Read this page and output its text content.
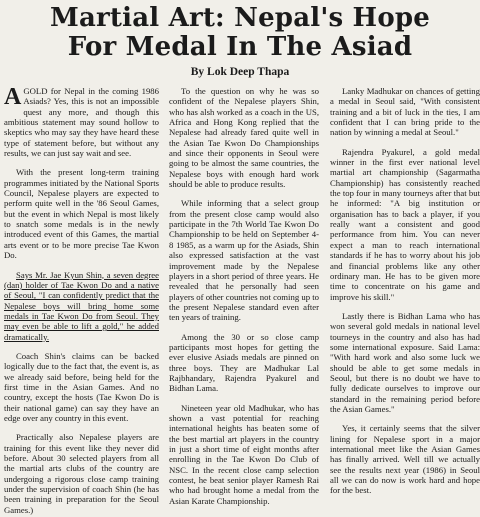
Martial Art: Nepal's Hope
For Medal In The Asiad
By Lok Deep Thapa

AGOLD for Nepal in the coming 1986 Asiads? Yes, this is not an impossible quest any more, and though this ambitious statement may sound hollow to skeptics who may say they have heard these type of statement before, but without any results, we can just say wait and see.

With the present long-term training programmes initiated by the National Sports Council, Nepalese players are expected to perform quite well in the '86 Seoul Games, but the event in which Nepal is most likely to snatch some medals is in the newly introduced event of this Games, the martial arts event or to be more precise Tae Kwon Do.

Says Mr. Jae Kyun Shin, a seven degree (dan) holder of Tae Kwon Do and a native of Seoul, "I can confidently predict that the Nepalese boys will bring home some medals in Tae Kwon Do from Seoul. They may even be able to lift a gold," he added dramatically.

Coach Shin's claims can be backed logically due to the fact that, the event is, as we already said before, being held for the first time in the Asian Games. And no country, except the hosts (Tae Kwon Do is their national game) can say they have an edge over any country in this event.

Practically also Nepalese players are training for this event like they never did before. About 30 selected players from all the martial arts clubs of the country are undergoing a rigorous close camp training under the supervision of coach Shin (he has been training in preparation for the Seoul Games.)

To the question on why he was so confident of the Nepalese players Shin, who has alsh worked as a coach in the US, Africa and Hong Kong replied that the Nepalese had already fared quite well in the Asian Tae Kwon Do Championships and since their opponents in Seoul were going to be almost the same countries, the Nepalese boys with enough hard work should be able to produce results.

While informing that a select group from the present close camp would also participate in the 7th World Tae Kwon Do Championship to be held on September 4-8 1985, as a warm up for the Asiads, Shin also expressed satisfaction at the vast improvement made by the Nepalese players in a short period of three years. He revealed that he personally had seen players of other countries not coming up to the present Nepalese standard even after ten years of training.

Among the 30 or so close camp participants most hopes for getting the ever elusive Asiads medals are pinned on three boys. They are Madhukar Lal Rajbhandary, Rajendra Pyakurel and Bidhan Lama.

Nineteen year old Madhukar, who has shown a vast potential for reaching international heights has beaten some of the best martial art players in the country in just a short time of eight months after enrolling in the Tae Kwon Do Club of NSC. In the recent close camp selection contest, he beat senior player Ramesh Rai who had brought home a medal from the Asian Karate Championship.

Lanky Madhukar on chances of getting a medal in Seoul said, "With consistent training and a bit of luck in the ties, I am confident that I can bring pride to the nation by winning a medal at Seoul."

Rajendra Pyakurel, a gold medal winner in the first ever national level martial art championship (Sagarmatha Championship) has consistently reached the top four in many tourneys after that but he informed: "A big institution or organisation has to back a player, if you really want a consistent and good performance from him. You can never expect a man to reach international standards if he has to worry about his job and financial problems like any other ordinary man. He has to be given more time to concentrate on his game and improve his skill."

Lastly there is Bidhan Lama who has won several gold medals in national level tourneys in the country and also has had some international exposure. Said Lama: "With hard work and also some luck we should be able to get some medals in Seoul, but there is no doubt we have to fully dedicate ourselves to improve our standard in the remaining period before the Asian Games."

Yes, it certainly seems that the silver lining for Nepalese sport in a major international meet like the Asian Games has finally arrived. Well till we actually see the results next year (1986) in Seoul all we can do now is work hard and hope for the best.
